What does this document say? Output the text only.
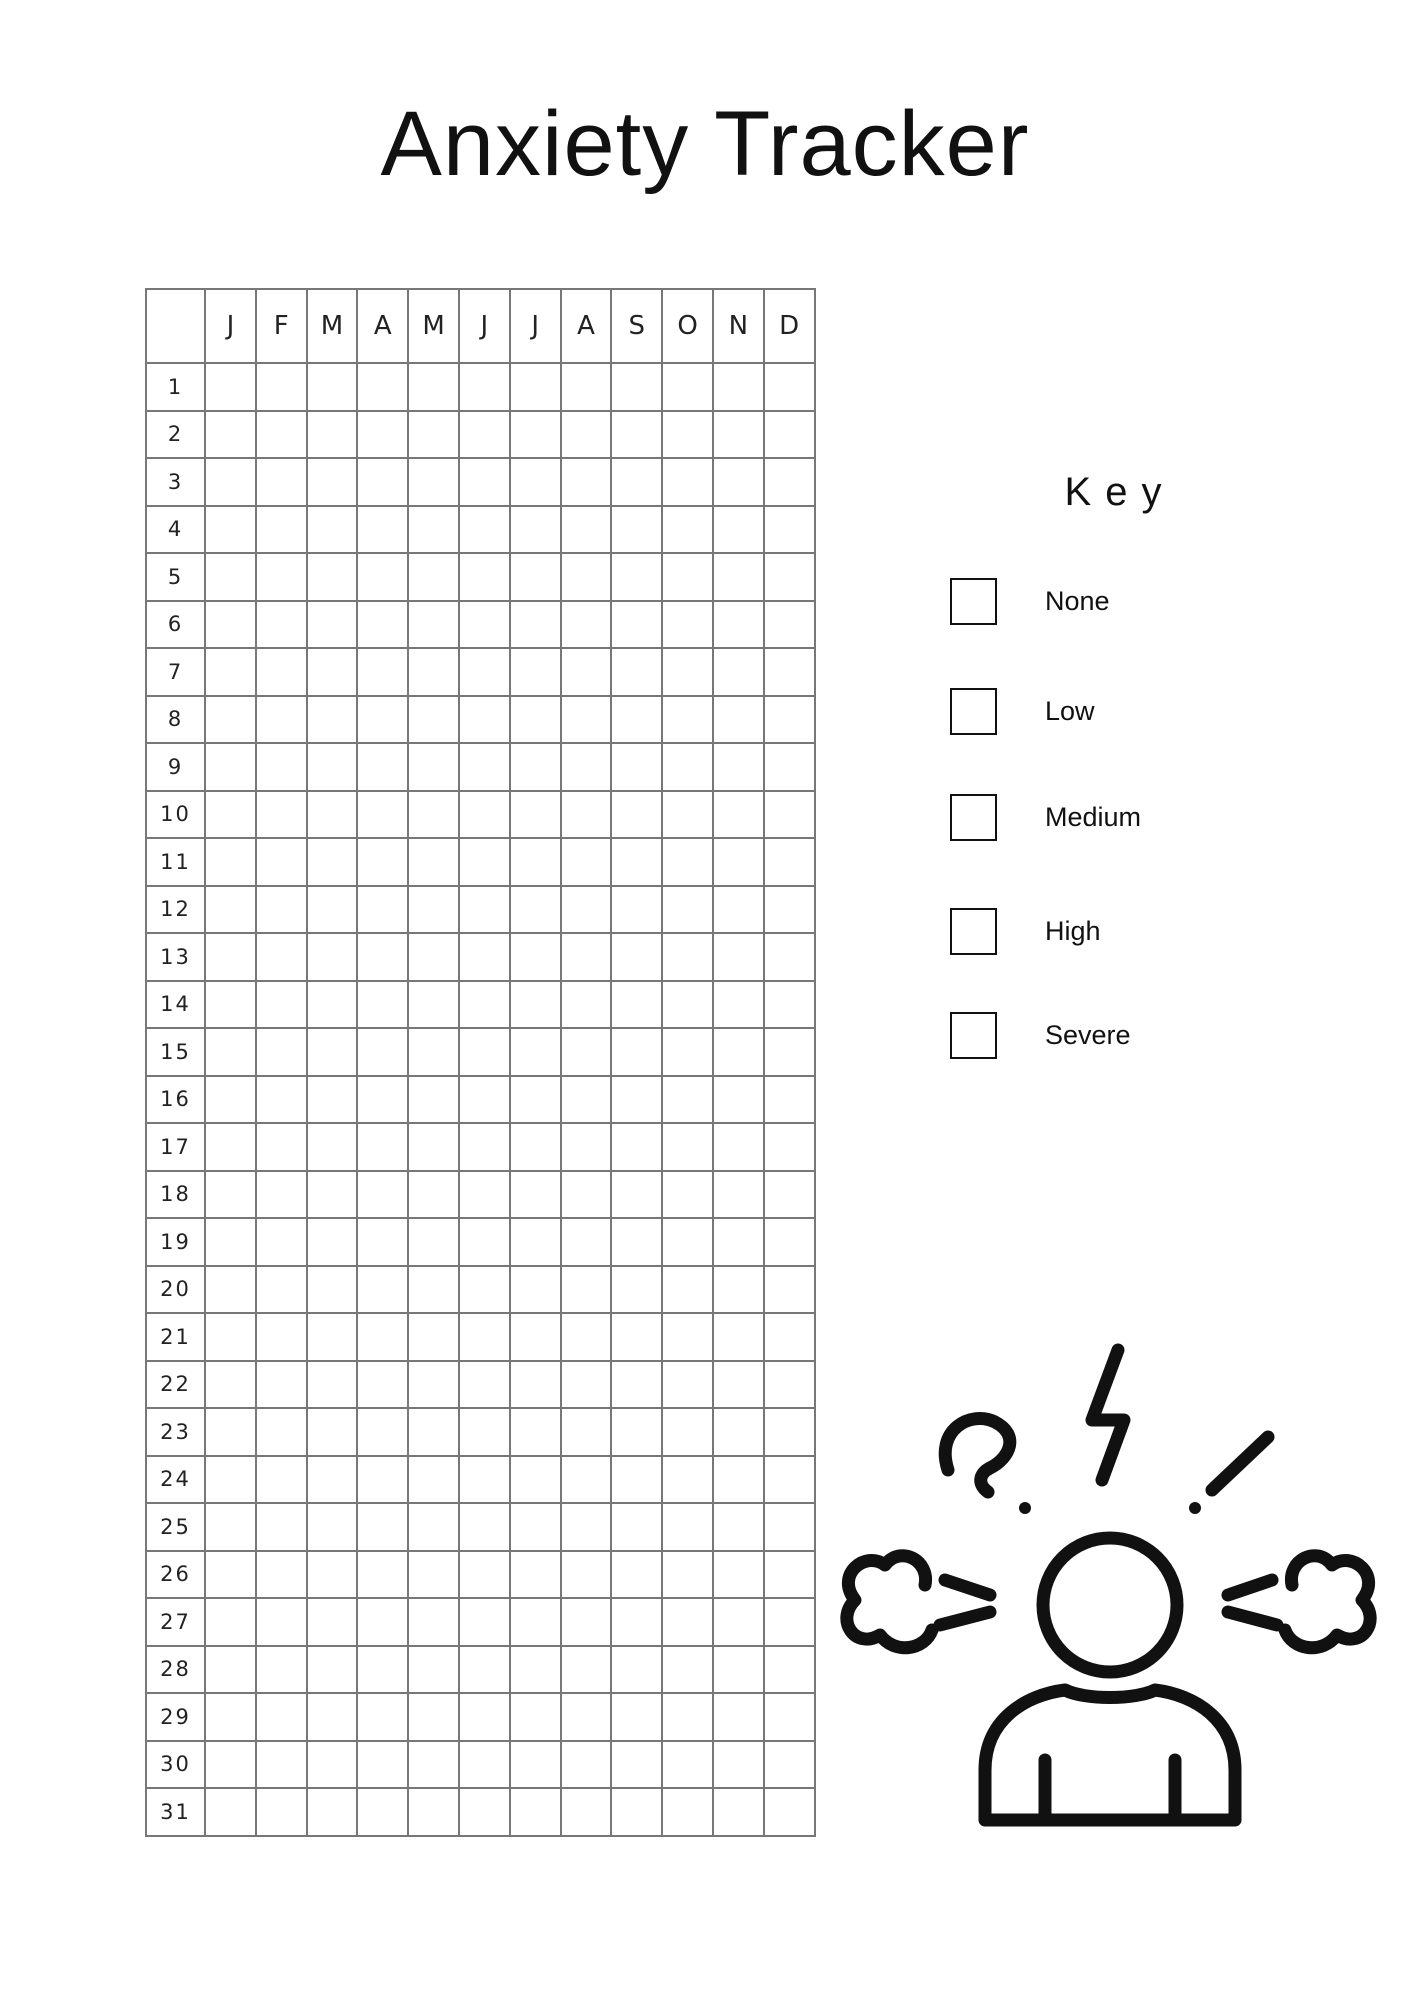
Anxiety Tracker
	J	F	M	A	M	J	J	A	S	O	N	D
1												
2												
3												
4												
5												
6												
7												
8												
9												
10												
11												
12												
13												
14												
15												
16												
17												
18												
19												
20												
21												
22												
23												
24												
25												
26												
27												
28												
29												
30												
31												
Key
None
Low
Medium
High
Severe
